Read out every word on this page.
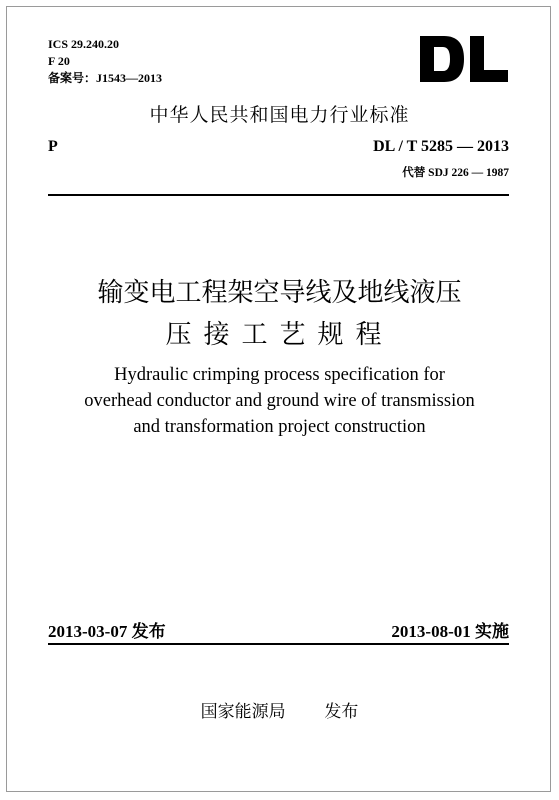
ICS 29.240.20
F 20
备案号：J1543—2013
中华人民共和国电力行业标准
P	DL / T 5285 — 2013
代替 SDJ 226 — 1987
输变电工程架空导线及地线液压
压接工艺规程
Hydraulic crimping process specification for
overhead conductor and ground wire of transmission
and transformation project construction
2013-03-07 发布	2013-08-01 实施
国家能源局 发布
